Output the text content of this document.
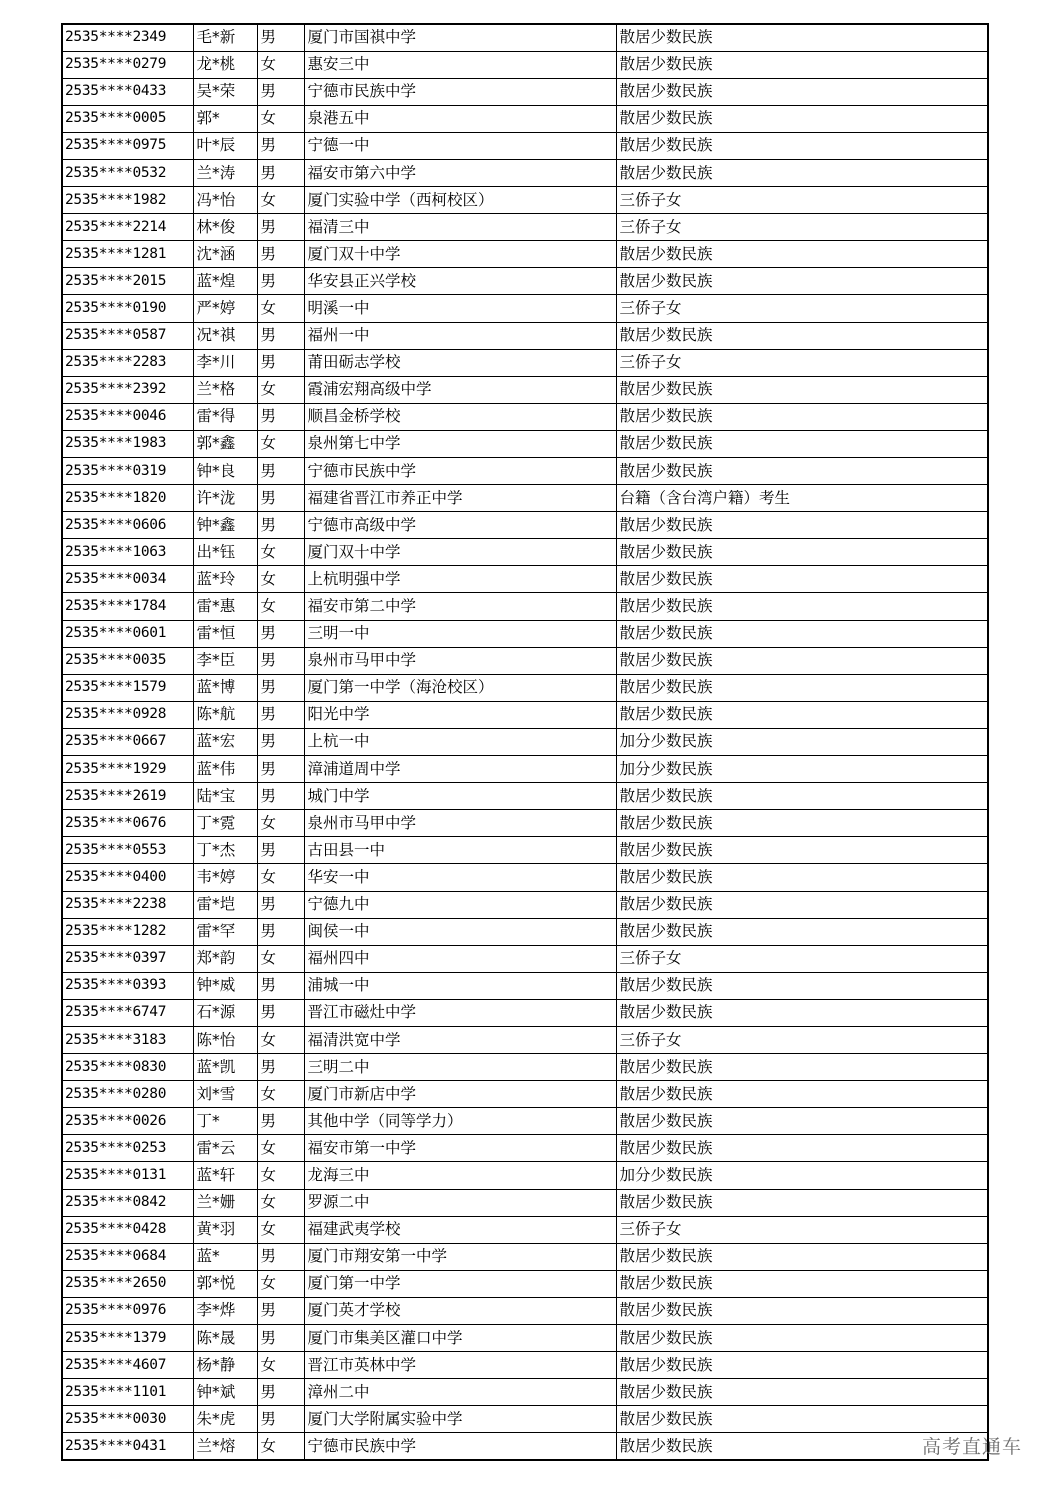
2535****2349	毛*新	男	厦门市国祺中学	散居少数民族
2535****0279	龙*桃	女	惠安三中	散居少数民族
2535****0433	吴*荣	男	宁德市民族中学	散居少数民族
2535****0005	郭*	女	泉港五中	散居少数民族
2535****0975	叶*辰	男	宁德一中	散居少数民族
2535****0532	兰*涛	男	福安市第六中学	散居少数民族
2535****1982	冯*怡	女	厦门实验中学（西柯校区）	三侨子女
2535****2214	林*俊	男	福清三中	三侨子女
2535****1281	沈*涵	男	厦门双十中学	散居少数民族
2535****2015	蓝*煌	男	华安县正兴学校	散居少数民族
2535****0190	严*婷	女	明溪一中	三侨子女
2535****0587	况*祺	男	福州一中	散居少数民族
2535****2283	李*川	男	莆田砺志学校	三侨子女
2535****2392	兰*格	女	霞浦宏翔高级中学	散居少数民族
2535****0046	雷*得	男	顺昌金桥学校	散居少数民族
2535****1983	郭*鑫	女	泉州第七中学	散居少数民族
2535****0319	钟*良	男	宁德市民族中学	散居少数民族
2535****1820	许*泷	男	福建省晋江市养正中学	台籍（含台湾户籍）考生
2535****0606	钟*鑫	男	宁德市高级中学	散居少数民族
2535****1063	出*钰	女	厦门双十中学	散居少数民族
2535****0034	蓝*玲	女	上杭明强中学	散居少数民族
2535****1784	雷*惠	女	福安市第二中学	散居少数民族
2535****0601	雷*恒	男	三明一中	散居少数民族
2535****0035	李*臣	男	泉州市马甲中学	散居少数民族
2535****1579	蓝*博	男	厦门第一中学（海沧校区）	散居少数民族
2535****0928	陈*航	男	阳光中学	散居少数民族
2535****0667	蓝*宏	男	上杭一中	加分少数民族
2535****1929	蓝*伟	男	漳浦道周中学	加分少数民族
2535****2619	陆*宝	男	城门中学	散居少数民族
2535****0676	丁*霓	女	泉州市马甲中学	散居少数民族
2535****0553	丁*杰	男	古田县一中	散居少数民族
2535****0400	韦*婷	女	华安一中	散居少数民族
2535****2238	雷*垲	男	宁德九中	散居少数民族
2535****1282	雷*罕	男	闽侯一中	散居少数民族
2535****0397	郑*韵	女	福州四中	三侨子女
2535****0393	钟*威	男	浦城一中	散居少数民族
2535****6747	石*源	男	晋江市磁灶中学	散居少数民族
2535****3183	陈*怡	女	福清洪宽中学	三侨子女
2535****0830	蓝*凯	男	三明二中	散居少数民族
2535****0280	刘*雪	女	厦门市新店中学	散居少数民族
2535****0026	丁*	男	其他中学（同等学力）	散居少数民族
2535****0253	雷*云	女	福安市第一中学	散居少数民族
2535****0131	蓝*轩	女	龙海三中	加分少数民族
2535****0842	兰*姗	女	罗源二中	散居少数民族
2535****0428	黄*羽	女	福建武夷学校	三侨子女
2535****0684	蓝*	男	厦门市翔安第一中学	散居少数民族
2535****2650	郭*悦	女	厦门第一中学	散居少数民族
2535****0976	李*烨	男	厦门英才学校	散居少数民族
2535****1379	陈*晟	男	厦门市集美区灌口中学	散居少数民族
2535****4607	杨*静	女	晋江市英林中学	散居少数民族
2535****1101	钟*斌	男	漳州二中	散居少数民族
2535****0030	朱*虎	男	厦门大学附属实验中学	散居少数民族
2535****0431	兰*熔	女	宁德市民族中学	散居少数民族	高考直通车
